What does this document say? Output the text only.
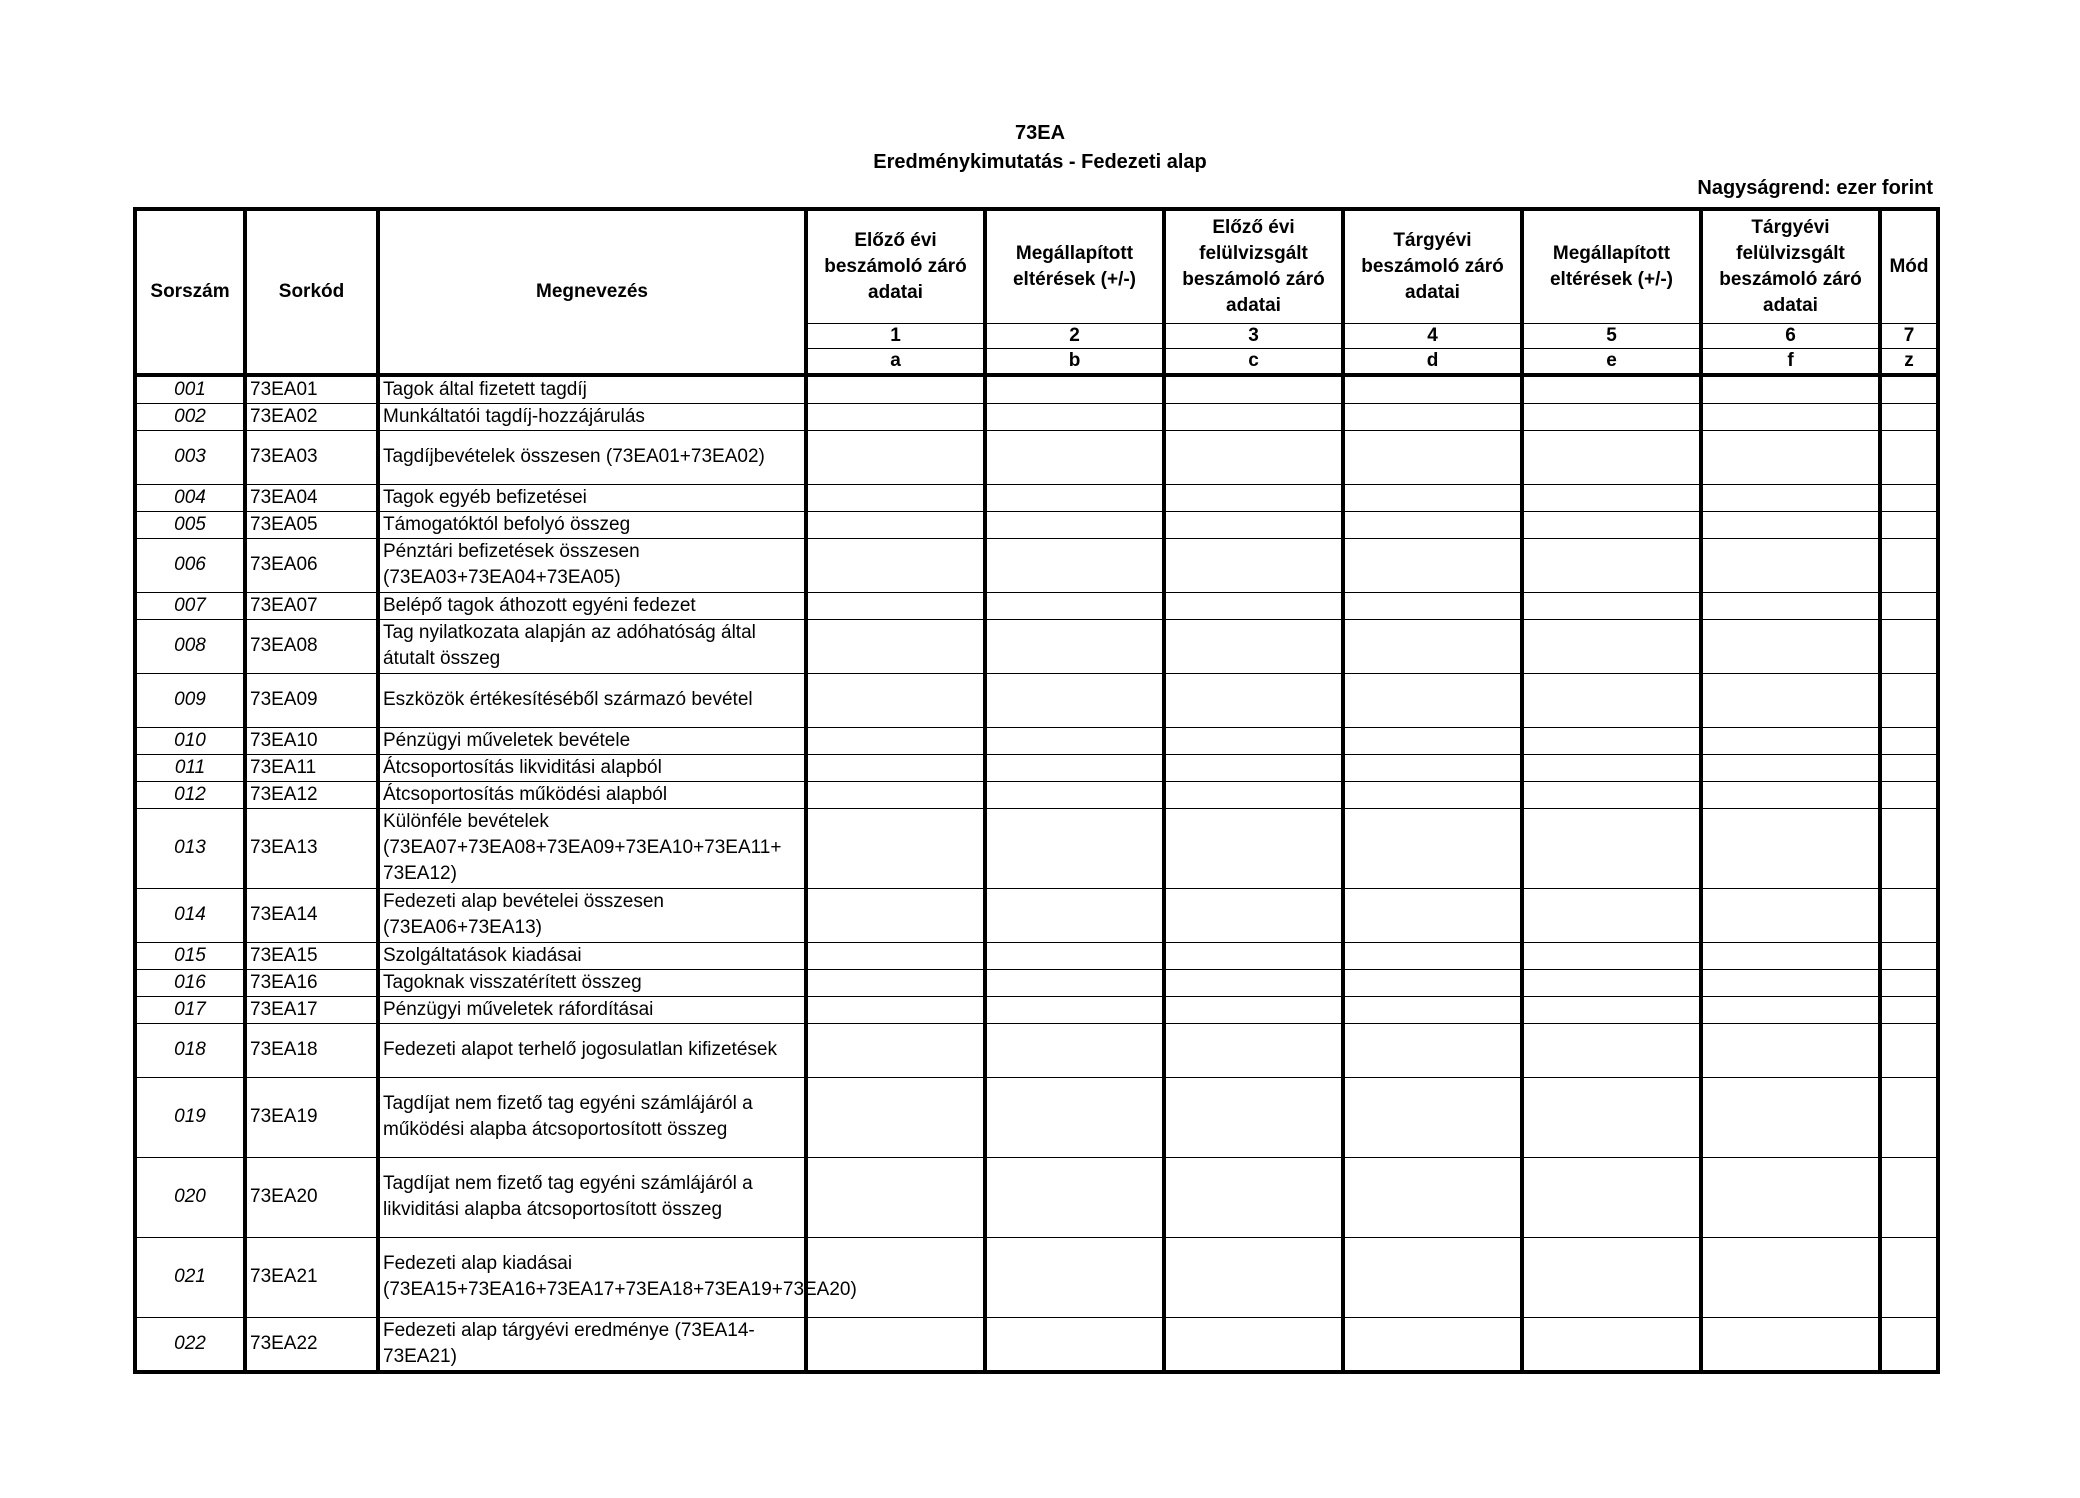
73EA
Eredménykimutatás - Fedezeti alap
Nagyságrend: ezer forint
Sorszám	Sorkód	Megnevezés	Előző évi beszámoló záró adatai	Megállapított eltérések (+/-)	Előző évi felülvizsgált beszámoló záró adatai	Tárgyévi beszámoló záró adatai	Megállapított eltérések (+/-)	Tárgyévi felülvizsgált beszámoló záró adatai	Mód
			1	2	3	4	5	6	7
			a	b	c	d	e	f	z
001	73EA01	Tagok által fizetett tagdíj							
002	73EA02	Munkáltatói tagdíj-hozzájárulás							
003	73EA03	Tagdíjbevételek összesen (73EA01+73EA02)							
004	73EA04	Tagok egyéb befizetései							
005	73EA05	Támogatóktól befolyó összeg							
006	73EA06	Pénztári befizetések összesen (73EA03+73EA04+73EA05)							
007	73EA07	Belépő tagok áthozott egyéni fedezet							
008	73EA08	Tag nyilatkozata alapján az adóhatóság által átutalt összeg							
009	73EA09	Eszközök értékesítéséből származó bevétel							
010	73EA10	Pénzügyi műveletek bevétele							
011	73EA11	Átcsoportosítás likviditási alapból							
012	73EA12	Átcsoportosítás működési alapból							
013	73EA13	Különféle bevételek (73EA07+73EA08+73EA09+73EA10+73EA11+ 73EA12)							
014	73EA14	Fedezeti alap bevételei összesen (73EA06+73EA13)							
015	73EA15	Szolgáltatások kiadásai							
016	73EA16	Tagoknak visszatérített összeg							
017	73EA17	Pénzügyi műveletek ráfordításai							
018	73EA18	Fedezeti alapot terhelő jogosulatlan kifizetések							
019	73EA19	Tagdíjat nem fizető tag egyéni számlájáról a működési alapba átcsoportosított összeg							
020	73EA20	Tagdíjat nem fizető tag egyéni számlájáról a likviditási alapba átcsoportosított összeg							
021	73EA21	Fedezeti alap kiadásai (73EA15+73EA16+73EA17+73EA18+73EA19+73EA20)							
022	73EA22	Fedezeti alap tárgyévi eredménye (73EA14-73EA21)							
